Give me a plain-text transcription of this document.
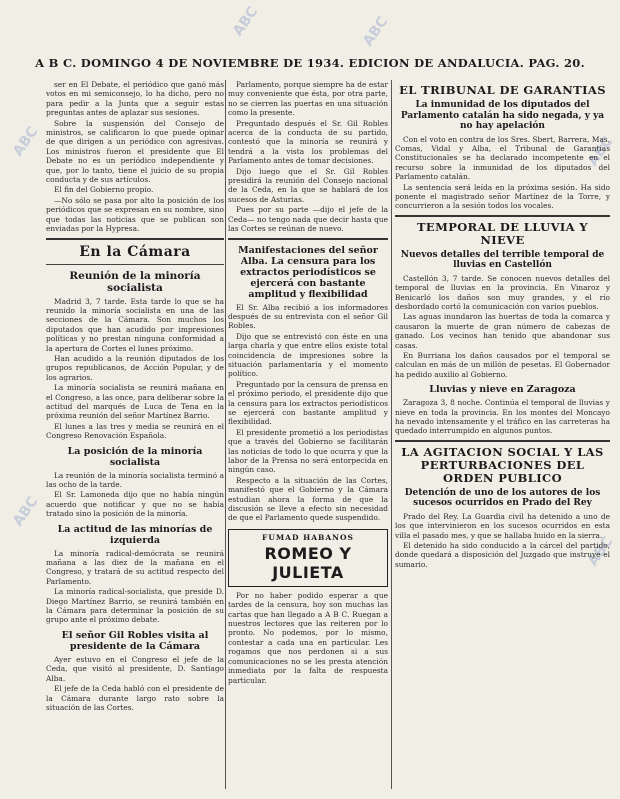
ABC
ABC
ABC	ABC
ABC
ABC
A B C. DOMINGO 4 DE NOVIEMBRE DE 1934. EDICION DE ANDALUCIA. PAG. 20.

ser en El Debate, el periódico que ganó más votos en mi semiconsejo, lo ha dicho, pero no para pedir a la Junta que a seguir estas preguntas antes de aplazar sus sesiones.

Sobre la suspensión del Consejo de ministros, se calificaron lo que puede opinar de que dirigen a un periódico con agresivas. Los ministros fueron el presidente que El Debate no es un periódico independiente y que, por lo tanto, tiene el juicio de su propia conducta y de sus artículos.

El fin del Gobierno propio.

—No sólo se pasa por alto la posición de los periódicos que se expresan en su nombre, sino que todas las noticias que se publican son enviadas por la Hypresa.

En la Cámara
Reunión de la minoría socialista

Madrid 3, 7 tarde. Esta tarde lo que se ha reunido la minoría socialista en una de las secciones de la Cámara. Son muchos los diputados que han acudido por impresiones políticas y no prestan ninguna conformidad a la apertura de Cortes el lunes próximo.

Han acudido a la reunión diputados de los grupos republicanos, de Acción Popular, y de los agrarios.

La minoría socialista se reunirá mañana en el Congreso, a las once, para deliberar sobre la actitud del marqués de Luca de Tena en la próxima reunión del señor Martínez Barrio.

El lunes a las tres y media se reunirá en el Congreso Renovación Española.

La posición de la minoría socialista

La reunión de la minoría socialista terminó a las ocho de la tarde.

El Sr. Lamoneda dijo que no había ningún acuerdo que notificar y que no se había tratado sino la posición de la minoría.

La actitud de las minorías de izquierda

La minoría radical-demócrata se reunirá mañana a las diez de la mañana en el Congreso, y tratará de su actitud respecto del Parlamento.

La minoría radical-socialista, que preside D. Diego Martínez Barrio, se reunirá también en la Cámara para determinar la posición de su grupo ante el próximo debate.

El señor Gil Robles visita al presidente de la Cámara

Ayer estuvo en el Congreso el jefe de la Ceda, que visitó al presidente, D. Santiago Alba.

El jefe de la Ceda habló con el presidente de la Cámara durante largo rato sobre la situación de las Cortes.

Parlamento, porque siempre ha de estar muy conveniente que ésta, por otra parte, no se cierren las puertas en una situación como la presente.

Preguntado después el Sr. Gil Robles acerca de la conducta de su partido, contestó que la minoría se reunirá y tendrá a la vista los problemas del Parlamento antes de tomar decisiones.

Dijo luego que el Sr. Gil Robles presidirá la reunión del Consejo nacional de la Ceda, en la que se hablará de los sucesos de Asturias.

Pues por su parte —dijo el jefe de la Ceda— no tengo nada que decir hasta que las Cortes se reúnan de nuevo.

Manifestaciones del señor Alba. La censura para los extractos periodísticos se ejercerá con bastante amplitud y flexibilidad

El Sr. Alba recibió a los informadores después de su entrevista con el señor Gil Robles.

Dijo que se entrevistó con éste en una larga charla y que entre ellos existe total coincidencia de impresiones sobre la situación parlamentaria y el momento político.

Preguntado por la censura de prensa en el próximo periodo, el presidente dijo que la censura para los extractos periodísticos se ejercerá con bastante amplitud y flexibilidad.

El presidente prometió a los periodistas que a través del Gobierno se facilitarán las noticias de todo lo que ocurra y que la labor de la Prensa no será entorpecida en ningún caso.

Respecto a la situación de las Cortes, manifestó que el Gobierno y la Cámara estudian ahora la forma de que la discusión se lleve a efecto sin necesidad de que el Parlamento quede suspendido.

FUMAD HABANOS
ROMEO Y JULIETA

Por no haber podido esperar a que tardes de la censura, hoy son muchas las cartas que han llegado a A B C. Ruegan a nuestros lectores que las reiteren por lo pronto. No podemos, por lo mismo, contestar a cada una en particular. Les rogamos que nos perdonen si a sus comunicaciones no se les presta atención inmediata por la falta de respuesta particular.

EL TRIBUNAL DE GARANTIAS
La inmunidad de los diputados del Parlamento catalán ha sido negada, y ya no hay apelación

Con el voto en contra de los Sres. Sbert, Barrera, Mas, Comas, Vidal y Alba, el Tribunal de Garantías Constitucionales se ha declarado incompetente en el recurso sobre la inmunidad de los diputados del Parlamento catalán.

La sentencia será leída en la próxima sesión. Ha sido ponente el magistrado señor Martínez de la Torre, y concurrieron a la sesión todos los vocales.

TEMPORAL DE LLUVIA Y NIEVE
Nuevos detalles del terrible temporal de lluvias en Castellón

Castellón 3, 7 tarde. Se conocen nuevos detalles del temporal de lluvias en la provincia. En Vinaroz y Benicarló los daños son muy grandes, y el río desbordado cortó la comunicación con varios pueblos.

Las aguas inundaron las huertas de toda la comarca y causaron la muerte de gran número de cabezas de ganado. Los vecinos han tenido que abandonar sus casas.

En Burriana los daños causados por el temporal se calculan en más de un millón de pesetas. El Gobernador ha pedido auxilio al Gobierno.

Lluvias y nieve en Zaragoza

Zaragoza 3, 8 noche. Continúa el temporal de lluvias y nieve en toda la provincia. En los montes del Moncayo ha nevado intensamente y el tráfico en las carreteras ha quedado interrumpido en algunos puntos.

LA AGITACION SOCIAL Y LAS PERTURBACIONES DEL ORDEN PUBLICO
Detención de uno de los autores de los sucesos ocurridos en Prado del Rey

Prado del Rey. La Guardia civil ha detenido a uno de los que intervinieron en los sucesos ocurridos en esta villa el pasado mes, y que se hallaba huido en la sierra.

El detenido ha sido conducido a la cárcel del partido, donde quedará a disposición del Juzgado que instruye el sumario.
